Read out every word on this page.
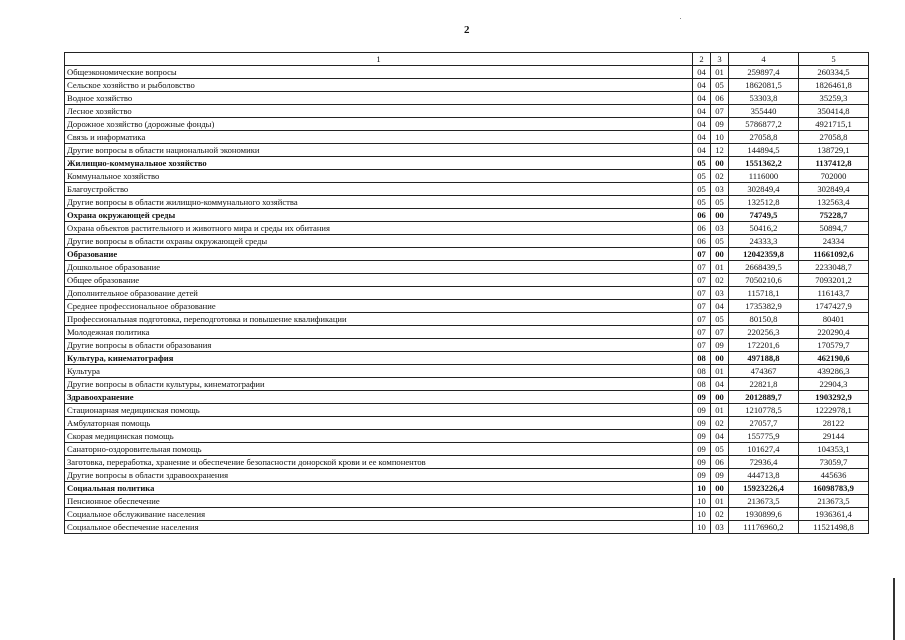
2
1	2	3	4	5
Общеэкономические вопросы	04	01	259897,4	260334,5
Сельское хозяйство и рыболовство	04	05	1862081,5	1826461,8
Водное хозяйство	04	06	53303,8	35259,3
Лесное хозяйство	04	07	355440	350414,8
Дорожное хозяйство (дорожные фонды)	04	09	5786877,2	4921715,1
Связь и информатика	04	10	27058,8	27058,8
Другие вопросы в области национальной экономики	04	12	144894,5	138729,1
Жилищно-коммунальное хозяйство	05	00	1551362,2	1137412,8
Коммунальное хозяйство	05	02	1116000	702000
Благоустройство	05	03	302849,4	302849,4
Другие вопросы в области жилищно-коммунального хозяйства	05	05	132512,8	132563,4
Охрана окружающей среды	06	00	74749,5	75228,7
Охрана объектов растительного и животного мира и среды их обитания	06	03	50416,2	50894,7
Другие вопросы в области охраны окружающей среды	06	05	24333,3	24334
Образование	07	00	12042359,8	11661092,6
Дошкольное образование	07	01	2668439,5	2233048,7
Общее образование	07	02	7050210,6	7093201,2
Дополнительное образование детей	07	03	115718,1	116143,7
Среднее профессиональное образование	07	04	1735382,9	1747427,9
Профессиональная подготовка, переподготовка и повышение квалификации	07	05	80150,8	80401
Молодежная политика	07	07	220256,3	220290,4
Другие вопросы в области образования	07	09	172201,6	170579,7
Культура, кинематография	08	00	497188,8	462190,6
Культура	08	01	474367	439286,3
Другие вопросы в области культуры, кинематографии	08	04	22821,8	22904,3
Здравоохранение	09	00	2012889,7	1903292,9
Стационарная медицинская помощь	09	01	1210778,5	1222978,1
Амбулаторная помощь	09	02	27057,7	28122
Скорая медицинская помощь	09	04	155775,9	29144
Санаторно-оздоровительная помощь	09	05	101627,4	104353,1
Заготовка, переработка, хранение и обеспечение безопасности донорской крови и ее компонентов	09	06	72936,4	73059,7
Другие вопросы в области здравоохранения	09	09	444713,8	445636
Социальная политика	10	00	15923226,4	16098783,9
Пенсионное обеспечение	10	01	213673,5	213673,5
Социальное обслуживание населения	10	02	1930899,6	1936361,4
Социальное обеспечение населения	10	03	11176960,2	11521498,8
